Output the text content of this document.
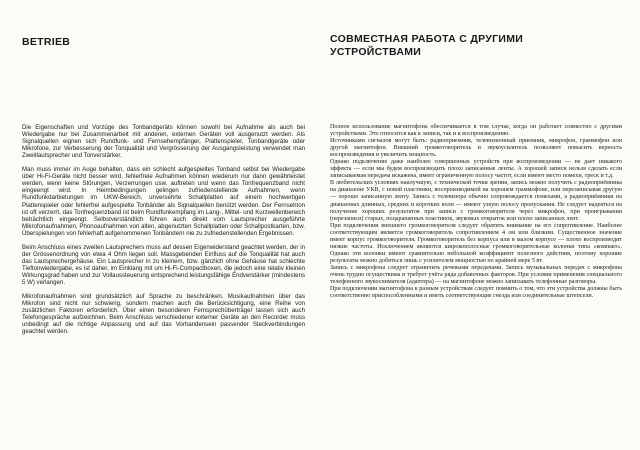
BETRIEB

Die Eigenschaften und Vorzüge des Tonbandgeräts können sowohl bei Aufnahme als auch bei Wiedergabe nur bei Zusammenarbeit mit anderen, externen Geräten voll ausgenutzt werden. Als Signalquellen eignen sich Rundfunk- und Fernsehempfänger, Plattenspieler, Tonbandgeräte oder Mikrofone, zur Verbesserung der Tonqualität und Vergrösserung der Ausgangsleistung verwendet man Zweitlautsprecher und Tonverstärker.

Man muss immer im Auge behalten, dass ein schlecht aufgespieltes Tonband selbst bei Wiedergabe über Hi-Fi-Geräte nicht besser wird, fehlerfreie Aufnahmen können wiederum nur dann gewährleistet werden, wenn keine Störungen, Verzerrungen usw. auftreten und wenn das Tonfrequenzband nicht eingeengt wird. In Heimbedingungen gelingen zufriedenstellende Aufnahmen, wenn Rundfunkdarbietungen im UKW-Bereich, unversehrte Schallplatten auf einem hochwertigen Plattenspieler oder fehlerfrei aufgespielte Tonbänder als Signalquellen benützt werden. Der Fernsehton ist oft verzerrt, das Tonfrequenzband ist beim Rundfunkempfang im Lang-, Mittel- und Kurzwellenbereich beträchtlich eingeengt. Selbstverständlich führen auch direkt vom Lautsprecher ausgeführte Mikrofonaufnahmen, Phonoaufnahmen von alten, abgenutzten Schallplatten oder Schallpostkarten, bzw. Überspielungen von fehlerhaft aufgenommenen Tonbändern nie zu zufriedenstellenden Ergebnissen.

Beim Anschluss eines zweiten Lautsprechers muss auf dessen Eigenwiderstand geachtet werden, der in der Grössenordnung von etwa 4 Ohm liegen soll. Massgebenden Einfluss auf die Tonqualität hat auch das Lautsprechergehäuse. Ein Lautsprecher in zu kleinem, bzw. gänzlich ohne Gehäuse hat schlechte Tieftonwiedergabe, es ist daher, im Einklang mit um Hi-Fi-Compactboxen, die jedoch eine relativ kleinen Wirkungsgrad haben und zur Vollaussteuerung entsprechend leistungsfähige Endverstärker (mindestens 5 W) verlangen.

Mikrofonaufnahmen sind grundsätzlich auf Sprache zu beschränken. Musikaufnahmen über das Mikrofon sind nicht nur schwierig, sondern machen auch die Berücksichtigung, eine Reihe von zusätzlichen Faktoren erforderlich. Über einen besonderen Fernsprechüberträger lassen sich auch Telefongespräche aufzeichnen. Beim Anschluss verschiedener externer Geräte an den Recorder muss unbedingt auf die richtige Anpassung und auf das Vorhandensein passender Steckverbindungen geachtet werden.

СОВМЕСТНАЯ РАБОТА С ДРУГИМИ УСТРОЙСТВАМИ

Полное использование магнитофона обеспечивается в том случае, когда он работает совместно с другими устройствами. Это относится как к записи, так и к воспроизведению.

Источниками сигналов могут быть: радиоприемник, телевизионный приемник, микрофон, граммофон или другой магнитофон. Внешний громкоговоритель и звукоусилитель позволяют повысить верность воспроизведения и увеличить мощность.

Однако подключение даже наиболее совершенных устройств при воспроизведении — не дает никакого эффекта — если мы будем воспроизводить плохо записанные ленты. А хорошей записи нельзя сделать если записываемая передача искажена, имеет ограниченную полосу частот, если имеют место помехи, треск и т.д.

В любительских условиях наилучшую, с технической точки зрения, запись можно получить с радиоприёмника на диапазоне УКВ, с новой пластинки, воспроизводимой на хорошем граммофоне, или перезаписывая другую — хорошо записанную ленту. Запись с телевизора обычно сопровождается помехами, а радиоприёмники на диапазонах длинных, средних и коротких волн — имеют узкую полосу пропускания. Не следует надеяться на получение хороших результатов при записи с громкоговорителя через микрофон, при проигрывании (перезаписи) старых, поцарапанных пластинок, звуковых открыток или плохо записанных лент.

При подключении внешнего громкоговорителя следует обратить внимание на его сопротивление. Наиболее соответствующим является громкоговоритель сопротивлением 4 ом или близким. Существенное значение имеет корпус громкоговорителя. Громкоговоритель без корпуса или в малом корпусе — плохо воспроизводит низкие частоты. Исключением являются широкополосные громкоговорительные колонки типа «компакт». Однако эти колонки имеют сравнительно небольшой коэффициент полезного действия, поэтому хорошие результаты можно добиться лишь с усилителем мощностью по крайней мере 5 вт.

Запись с микрофона следует ограничить речевыми передачами. Запись музыкальных передач с микрофона очень трудно осуществима и требует учёта ряда добавочных факторов. При условии применения специального телефонного звукоснимателя (адаптера) — на магнитофоне можно записывать телефонные разговоры.

При подключении магнитофона к разным устройствам следует помнить о том, что эти устройства должны быть соответственно приспособленными и иметь соответствующие гнезда или соединительные штепсели.
